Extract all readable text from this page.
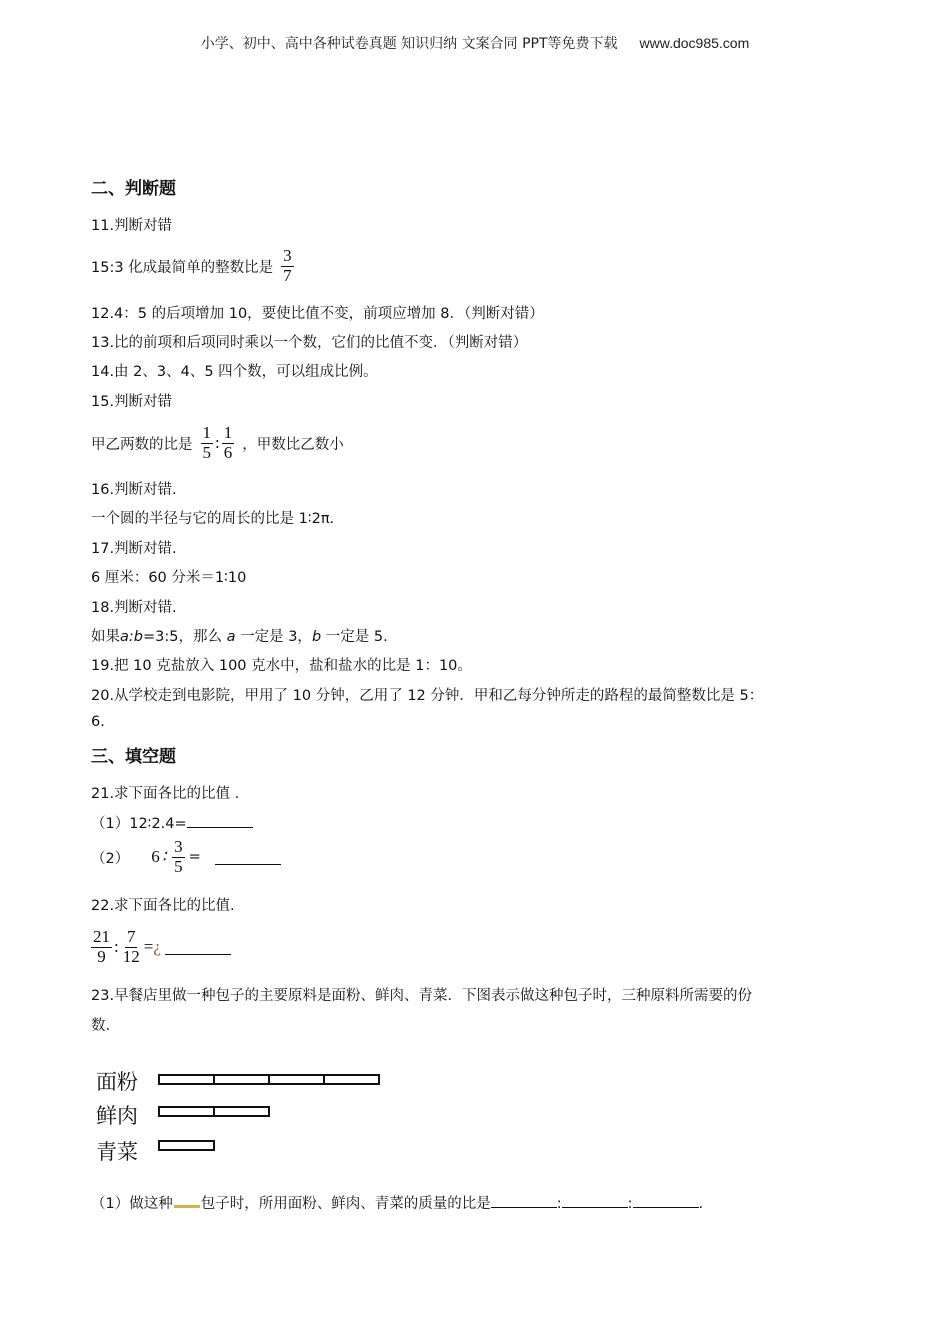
小学、初中、高中各种试卷真题 知识归纳 文案合同 PPT等免费下载 www.doc985.com
二、判断题
11.判断对错
15:3 化成最简单的整数比是 $\frac{3}{7}$
12.4：5 的后项增加 10，要使比值不变，前项应增加 8．（判断对错）
13.比的前项和后项同时乘以一个数，它们的比值不变．（判断对错）
14.由 2、3、4、5 四个数，可以组成比例。
15.判断对错
甲乙两数的比是 $\frac{1}{5}$ : $\frac{1}{6}$ ，甲数比乙数小
16.判断对错.
一个圆的半径与它的周长的比是 1∶2π.
17.判断对错.
6 厘米：60 分米＝1∶10
18.判断对错.
如果a:b=3:5，那么 a 一定是 3，b 一定是 5.
19.把 10 克盐放入 100 克水中，盐和盐水的比是 1：10。
20.从学校走到电影院，甲用了 10 分钟，乙用了 12 分钟．甲和乙每分钟所走的路程的最简整数比是 5：
6.
三、填空题
21.求下面各比的比值 ．
（1）12∶2.4=
（2） 6 ∶ $\frac{3}{5}$ =
22.求下面各比的比值.
$\frac{21}{9}$ : $\frac{7}{12}$ = ¿
23.早餐店里做一种包子的主要原料是面粉、鲜肉、青菜．下图表示做这种包子时，三种原料所需要的份
数.
面粉
鲜肉
青菜
（1）做这种 包子时，所用面粉、鲜肉、青菜的质量的比是	:	:	.
